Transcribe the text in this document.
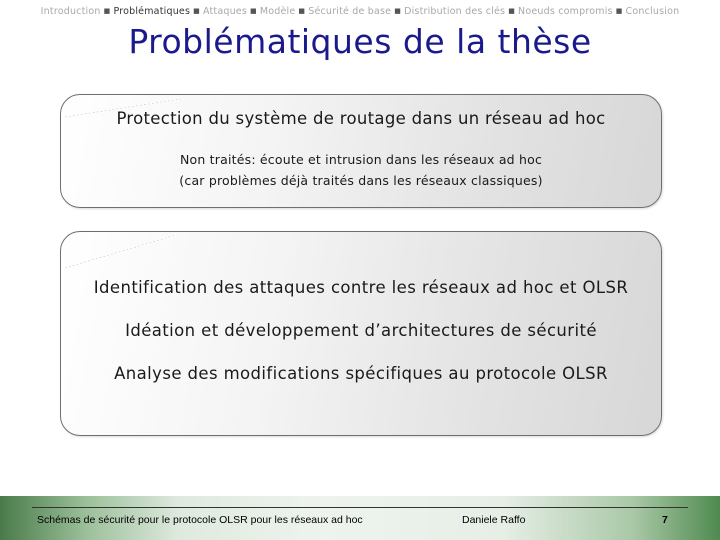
Introduction ■ Problématiques ■ Attaques ■ Modèle ■ Sécurité de base ■ Distribution des clés ■ Noeuds compromis ■ Conclusion
Problématiques de la thèse
Protection du système de routage dans un réseau ad hoc
Non traités: écoute et intrusion dans les réseaux ad hoc
(car problèmes déjà traités dans les réseaux classiques)
Identification des attaques contre les réseaux ad hoc et OLSR
Idéation et développement d’architectures de sécurité
Analyse des modifications spécifiques au protocole OLSR
Schémas de sécurité pour le protocole OLSR pour les réseaux ad hoc	Daniele Raffo	7
